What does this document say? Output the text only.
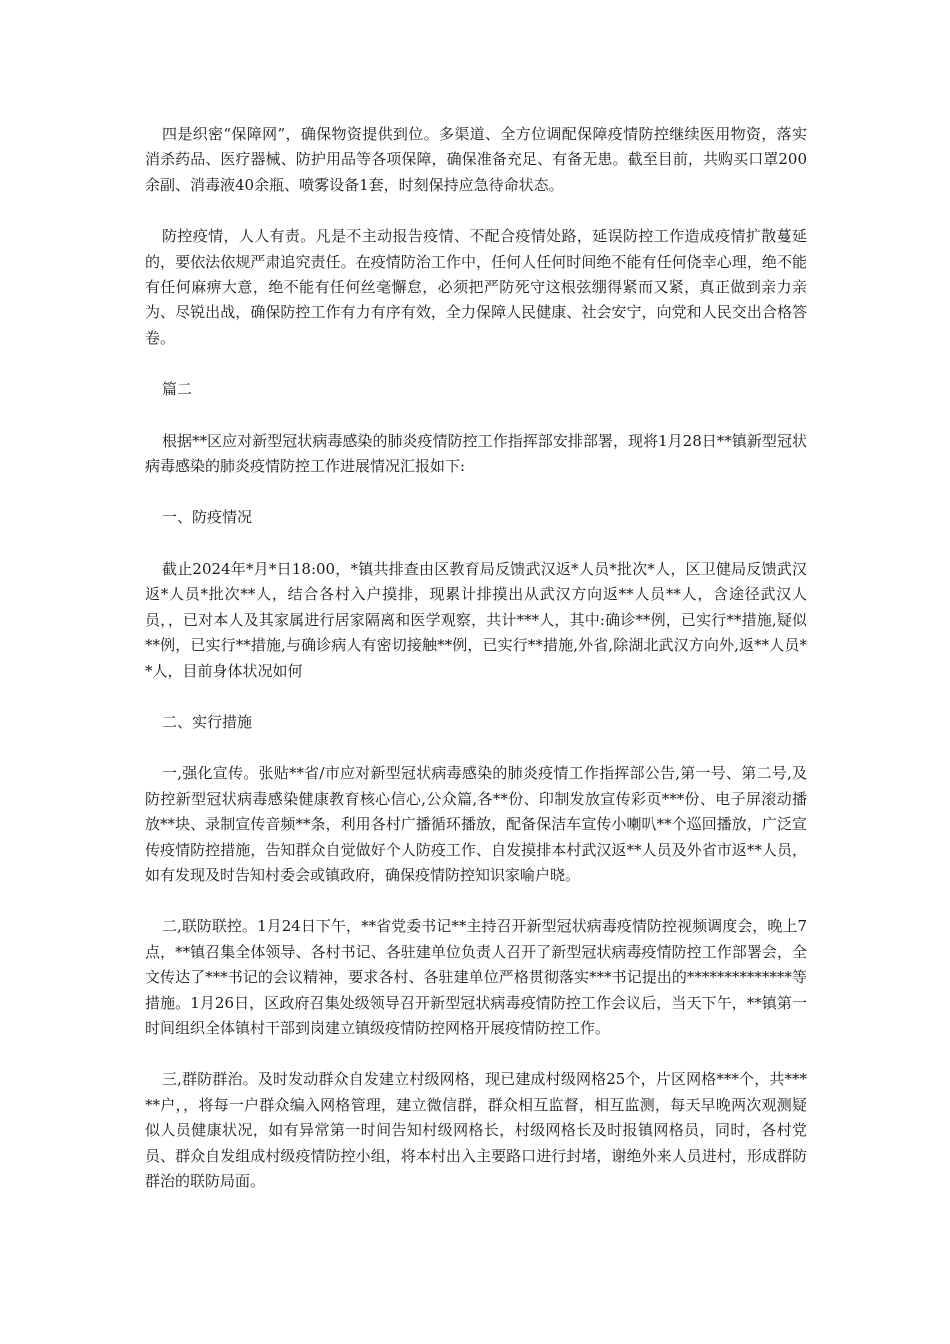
四是织密“保障网”，确保物资提供到位。多渠道、全方位调配保障疫情防控继续医用物资，落实消杀药品、医疗器械、防护用品等各项保障，确保准备充足、有备无患。截至目前，共购买口罩200余副、消毒液40余瓶、喷雾设备1套，时刻保持应急待命状态。

防控疫情，人人有责。凡是不主动报告疫情、不配合疫情处路，延误防控工作造成疫情扩散蔓延的，要依法依规严肃追究责任。在疫情防治工作中，任何人任何时间绝不能有任何侥幸心理，绝不能有任何麻痹大意，绝不能有任何丝毫懈怠，必须把严防死守这根弦绷得紧而又紧，真正做到亲力亲为、尽锐出战，确保防控工作有力有序有效，全力保障人民健康、社会安宁，向党和人民交出合格答卷。

篇二

根据**区应对新型冠状病毒感染的肺炎疫情防控工作指挥部安排部署，现将1月28日**镇新型冠状病毒感染的肺炎疫情防控工作进展情况汇报如下:

一、防疫情况

截止2024年*月*日18:00，*镇共排查由区教育局反馈武汉返*人员*批次*人，区卫健局反馈武汉返*人员*批次**人，结合各村入户摸排，现累计排摸出从武汉方向返**人员**人，含途径武汉人员，，已对本人及其家属进行居家隔离和医学观察，共计***人，其中:确诊**例，已实行**措施,疑似**例，已实行**措施,与确诊病人有密切接触**例，已实行**措施,外省,除湖北武汉方向外,返**人员**人，目前身体状况如何

二、实行措施

一,强化宣传。张贴**省/市应对新型冠状病毒感染的肺炎疫情工作指挥部公告,第一号、第二号,及防控新型冠状病毒感染健康教育核心信心,公众篇,各**份、印制发放宣传彩页***份、电子屏滚动播放**块、录制宣传音频**条，利用各村广播循环播放，配备保洁车宣传小喇叭**个巡回播放，广泛宣传疫情防控措施，告知群众自觉做好个人防疫工作、自发摸排本村武汉返**人员及外省市返**人员，如有发现及时告知村委会或镇政府，确保疫情防控知识家喻户晓。

二,联防联控。1月24日下午，**省党委书记**主持召开新型冠状病毒疫情防控视频调度会，晚上7点，**镇召集全体领导、各村书记、各驻建单位负责人召开了新型冠状病毒疫情防控工作部署会，全文传达了***书记的会议精神，要求各村、各驻建单位严格贯彻落实***书记提出的**************等措施。1月26日，区政府召集处级领导召开新型冠状病毒疫情防控工作会议后，当天下午，**镇第一时间组织全体镇村干部到岗建立镇级疫情防控网格开展疫情防控工作。

三,群防群治。及时发动群众自发建立村级网格，现已建成村级网格25个，片区网格***个，共*****户，，将每一户群众编入网格管理，建立微信群，群众相互监督，相互监测，每天早晚两次观测疑似人员健康状况，如有异常第一时间告知村级网格长，村级网格长及时报镇网格员，同时，各村党员、群众自发组成村级疫情防控小组，将本村出入主要路口进行封堵，谢绝外来人员进村，形成群防群治的联防局面。
